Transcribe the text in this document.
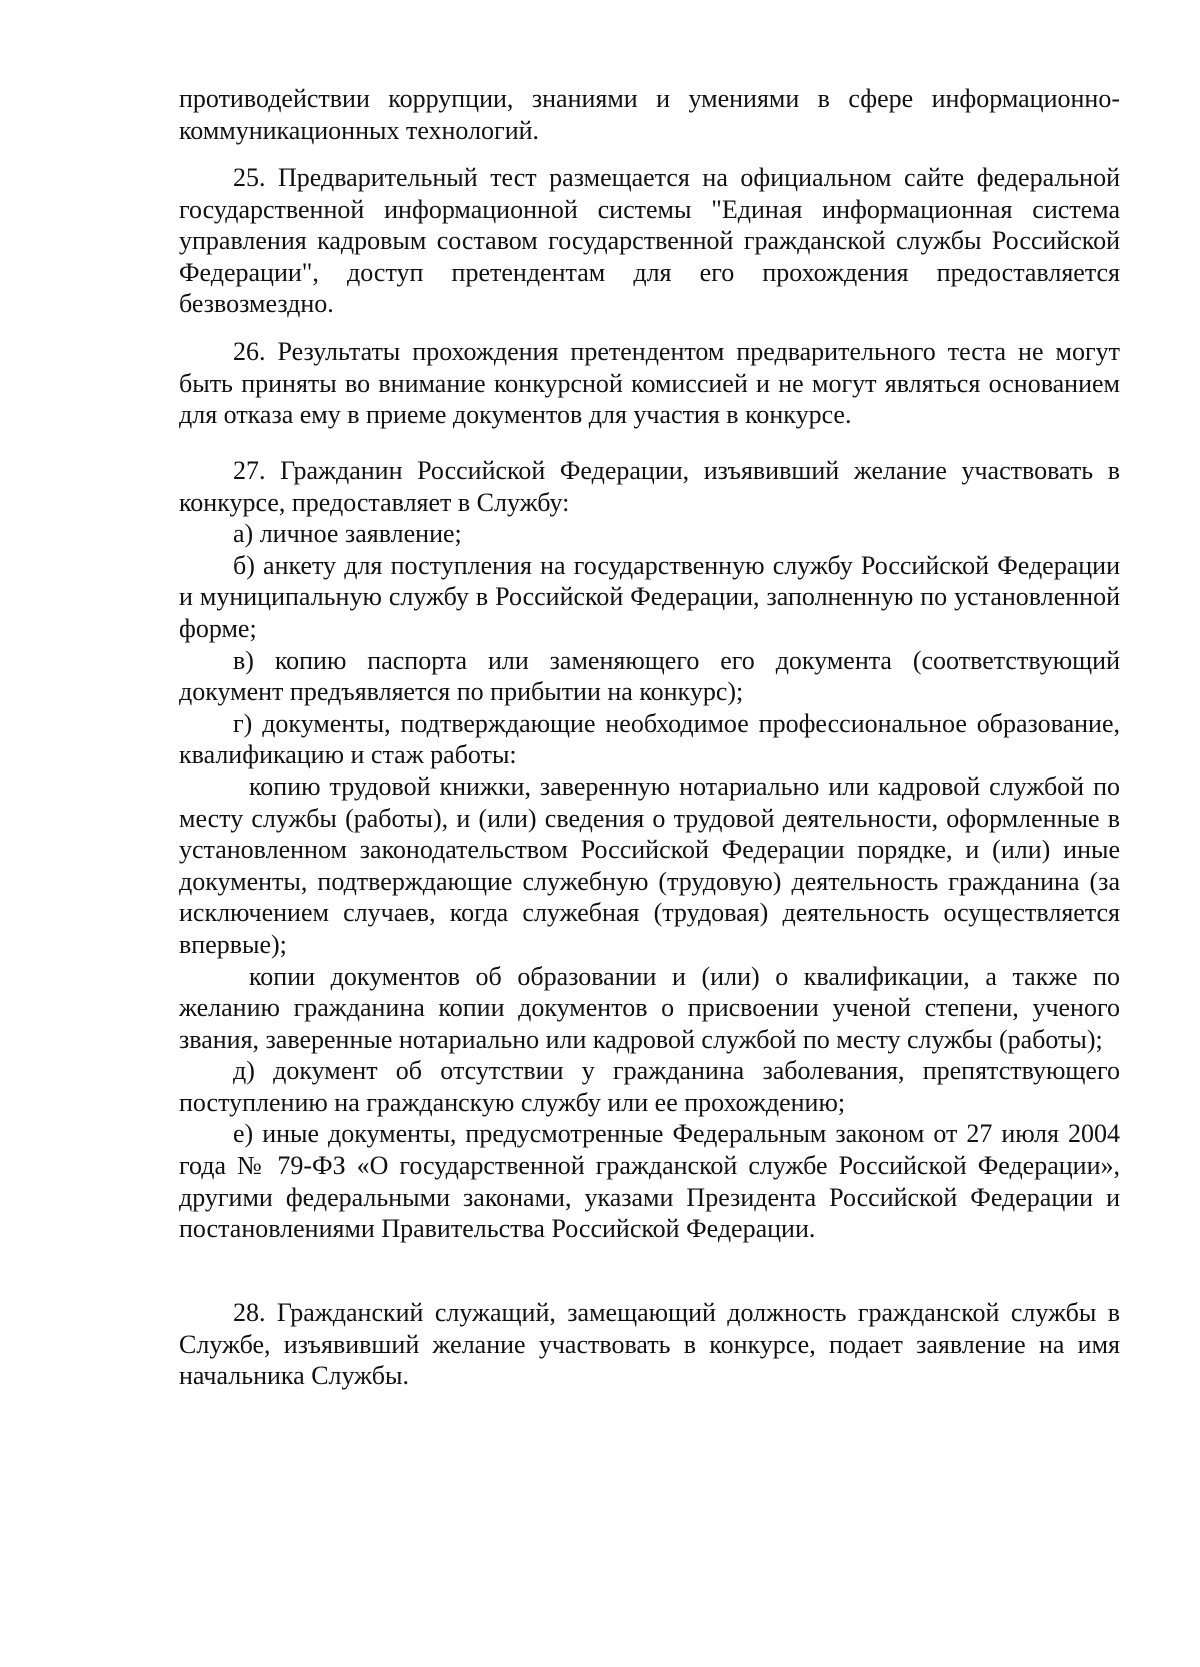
противодействии коррупции, знаниями и умениями в сфере информационно-коммуникационных технологий.

25. Предварительный тест размещается на официальном сайте федеральной государственной информационной системы "Единая информационная система управления кадровым составом государственной гражданской службы Российской Федерации", доступ претендентам для его прохождения предоставляется безвозмездно.

26. Результаты прохождения претендентом предварительного теста не могут быть приняты во внимание конкурсной комиссией и не могут являться основанием для отказа ему в приеме документов для участия в конкурсе.

27. Гражданин Российской Федерации, изъявивший желание участвовать в конкурсе, предоставляет в Службу:

а) личное заявление;

б) анкету для поступления на государственную службу Российской Федерации и муниципальную службу в Российской Федерации, заполненную по установленной форме;

в) копию паспорта или заменяющего его документа (соответствующий документ предъявляется по прибытии на конкурс);

г) документы, подтверждающие необходимое профессиональное образование, квалификацию и стаж работы:

копию трудовой книжки, заверенную нотариально или кадровой службой по месту службы (работы), и (или) сведения о трудовой деятельности, оформленные в установленном законодательством Российской Федерации порядке, и (или) иные документы, подтверждающие служебную (трудовую) деятельность гражданина (за исключением случаев, когда служебная (трудовая) деятельность осуществляется впервые);

копии документов об образовании и (или) о квалификации, а также по желанию гражданина копии документов о присвоении ученой степени, ученого звания, заверенные нотариально или кадровой службой по месту службы (работы);

д) документ об отсутствии у гражданина заболевания, препятствующего поступлению на гражданскую службу или ее прохождению;

е) иные документы, предусмотренные Федеральным законом от 27 июля 2004 года № 79-ФЗ «О государственной гражданской службе Российской Федерации», другими федеральными законами, указами Президента Российской Федерации и постановлениями Правительства Российской Федерации.

28. Гражданский служащий, замещающий должность гражданской службы в Службе, изъявивший желание участвовать в конкурсе, подает заявление на имя начальника Службы.
